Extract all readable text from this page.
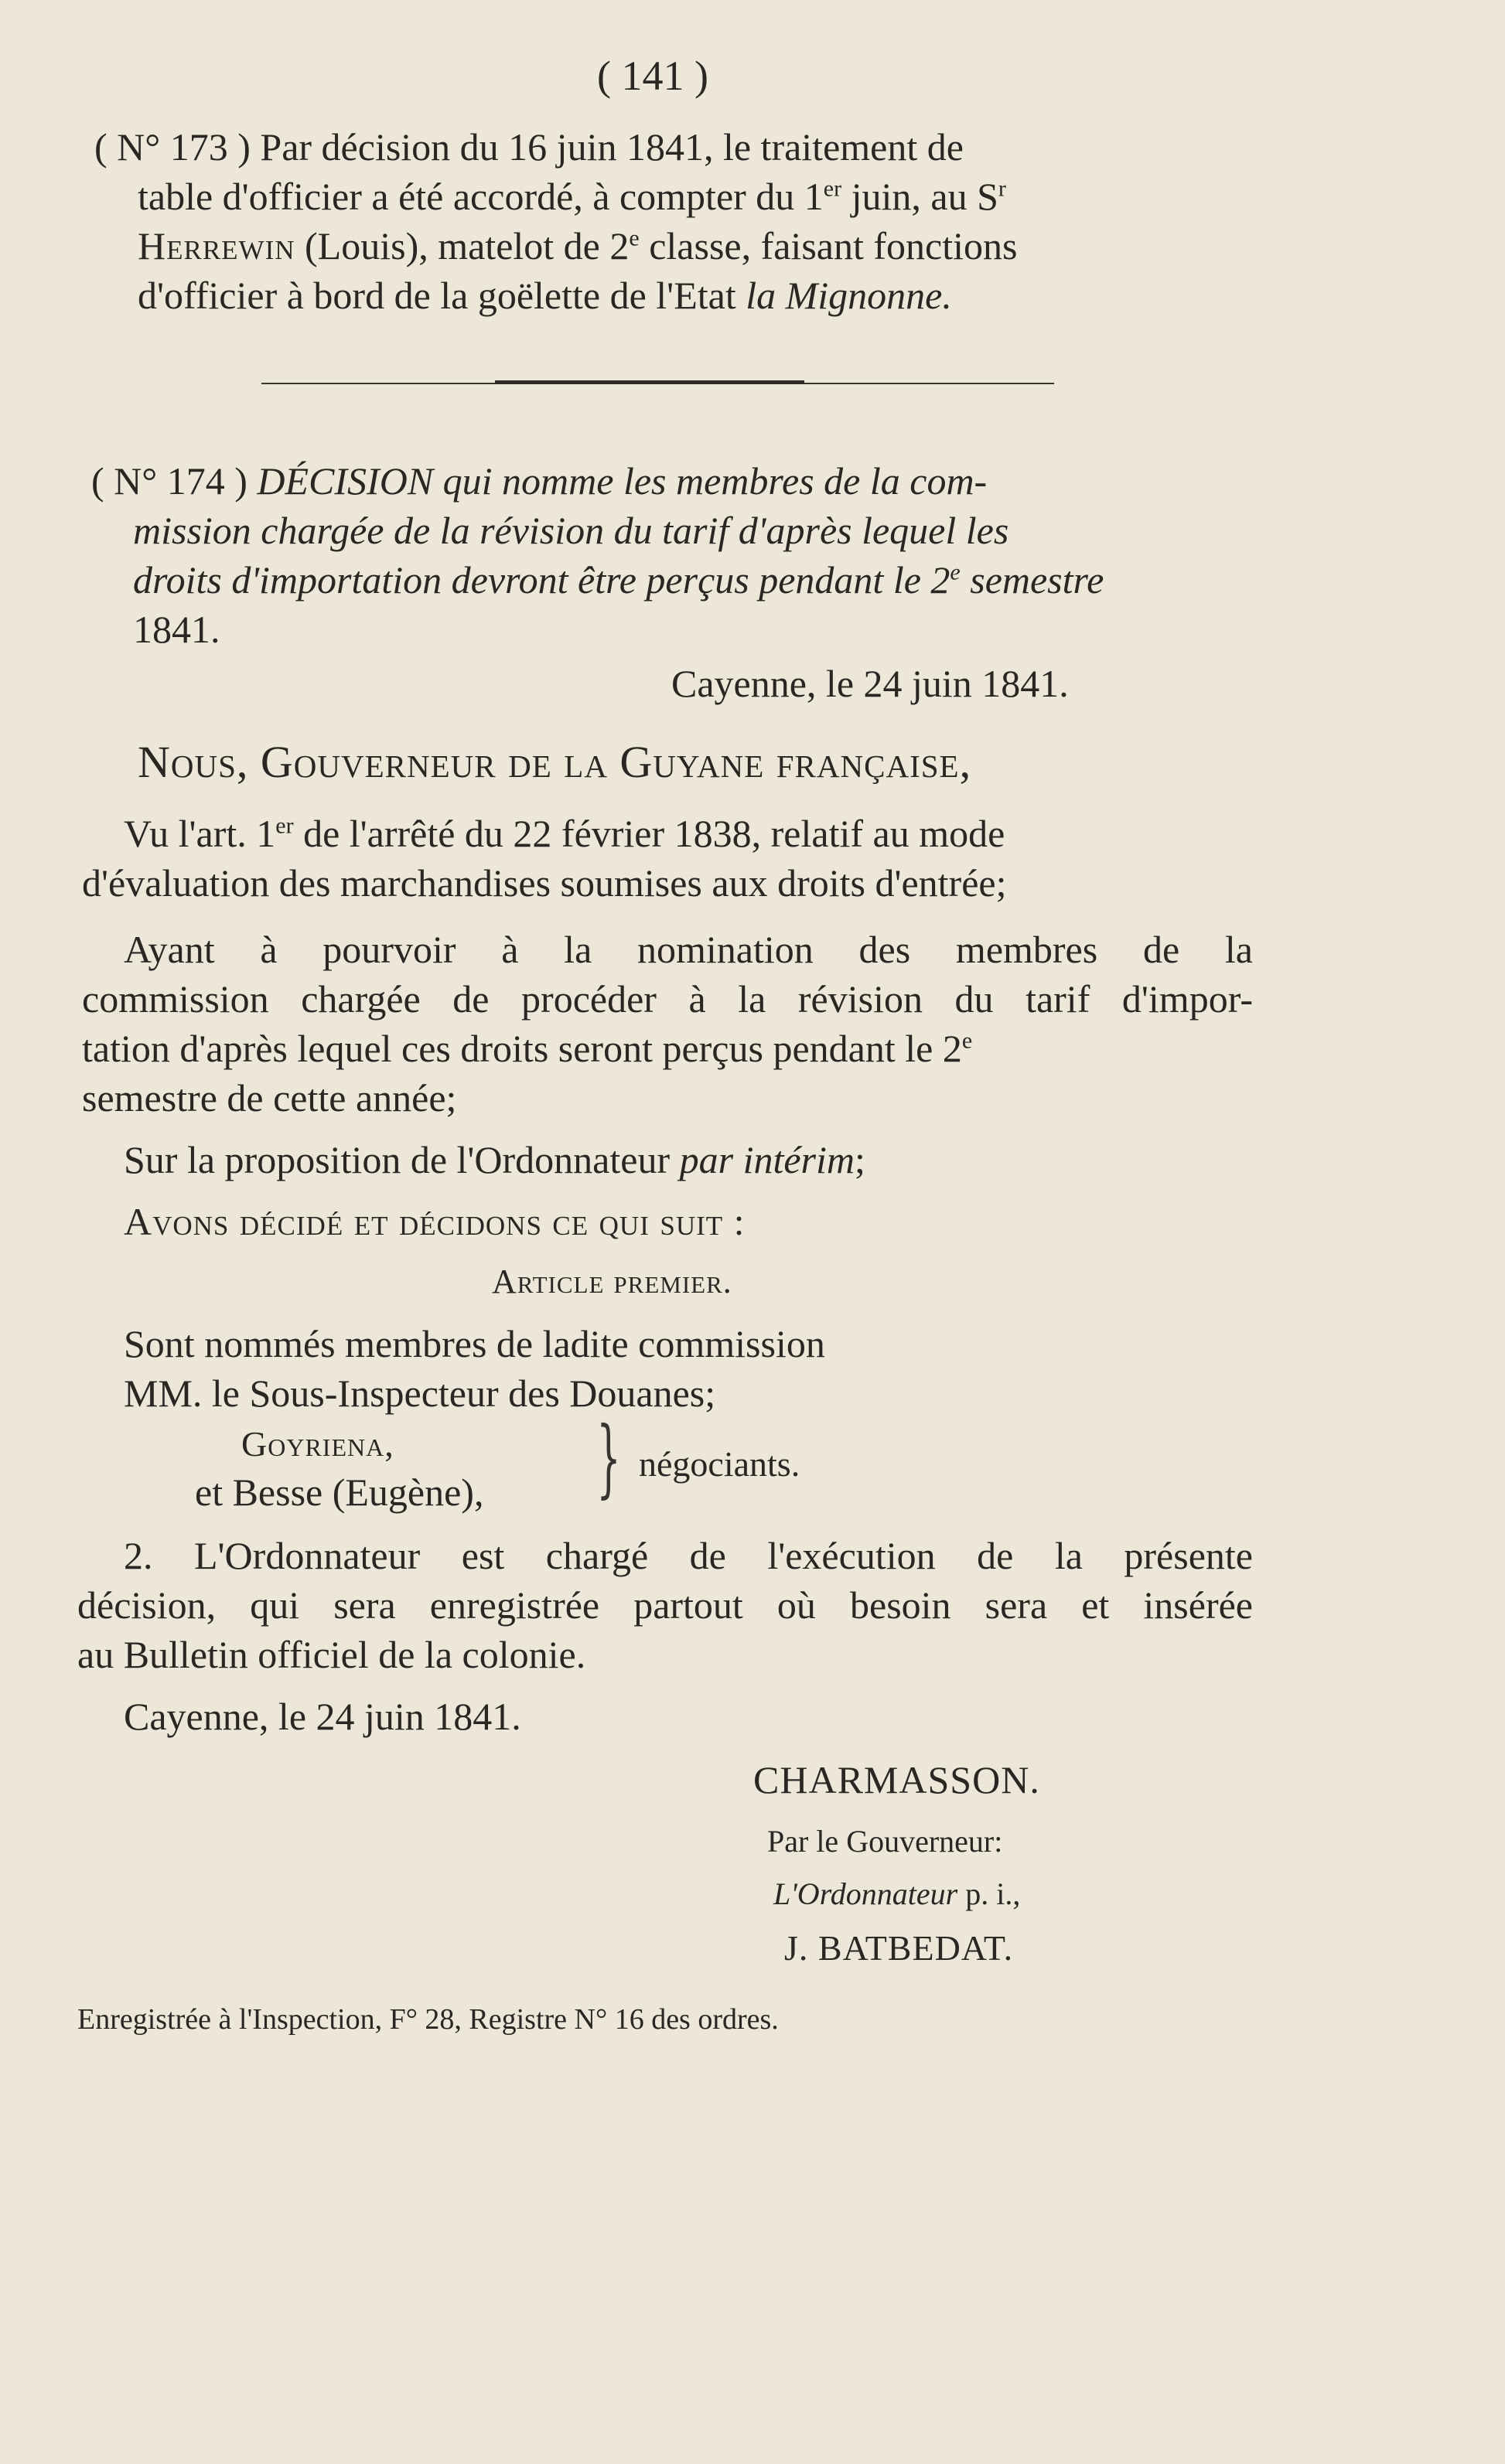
( 141 )
( N° 173 ) Par décision du 16 juin 1841, le traitement de
table d'officier a été accordé, à compter du 1er juin, au $S^r$
Herrewin (Louis), matelot de 2e classe, faisant fonctions
d'officier à bord de la goëlette de l'Etat la Mignonne.
( N° 174 ) DÉCISION qui nomme les membres de la com-
mission chargée de la révision du tarif d'après lequel les
droits d'importation devront être perçus pendant le 2e semestre
1841.
Cayenne, le 24 juin 1841.
Nous, Gouverneur de la Guyane française,
Vu l'art. 1er de l'arrêté du 22 février 1838, relatif au mode
d'évaluation des marchandises soumises aux droits d'entrée;
Ayant à pourvoir à la nomination des membres de la
commission chargée de procéder à la révision du tarif d'impor-
tation d'après lequel ces droits seront perçus pendant le 2e
semestre de cette année;
Sur la proposition de l'Ordonnateur par intérim;
Avons décidé et décidons ce qui suit :
Article premier.
Sont nommés membres de ladite commission
MM. le Sous-Inspecteur des Douanes;
Goyriena,
et Besse (Eugène), } négociants.
2. L'Ordonnateur est chargé de l'exécution de la présente
décision, qui sera enregistrée partout où besoin sera et insérée
au Bulletin officiel de la colonie.
Cayenne, le 24 juin 1841.
CHARMASSON.
Par le Gouverneur:
L'Ordonnateur p. i.,
J. BATBEDAT.
Enregistrée à l'Inspection, F° 28, Registre N° 16 des ordres.
